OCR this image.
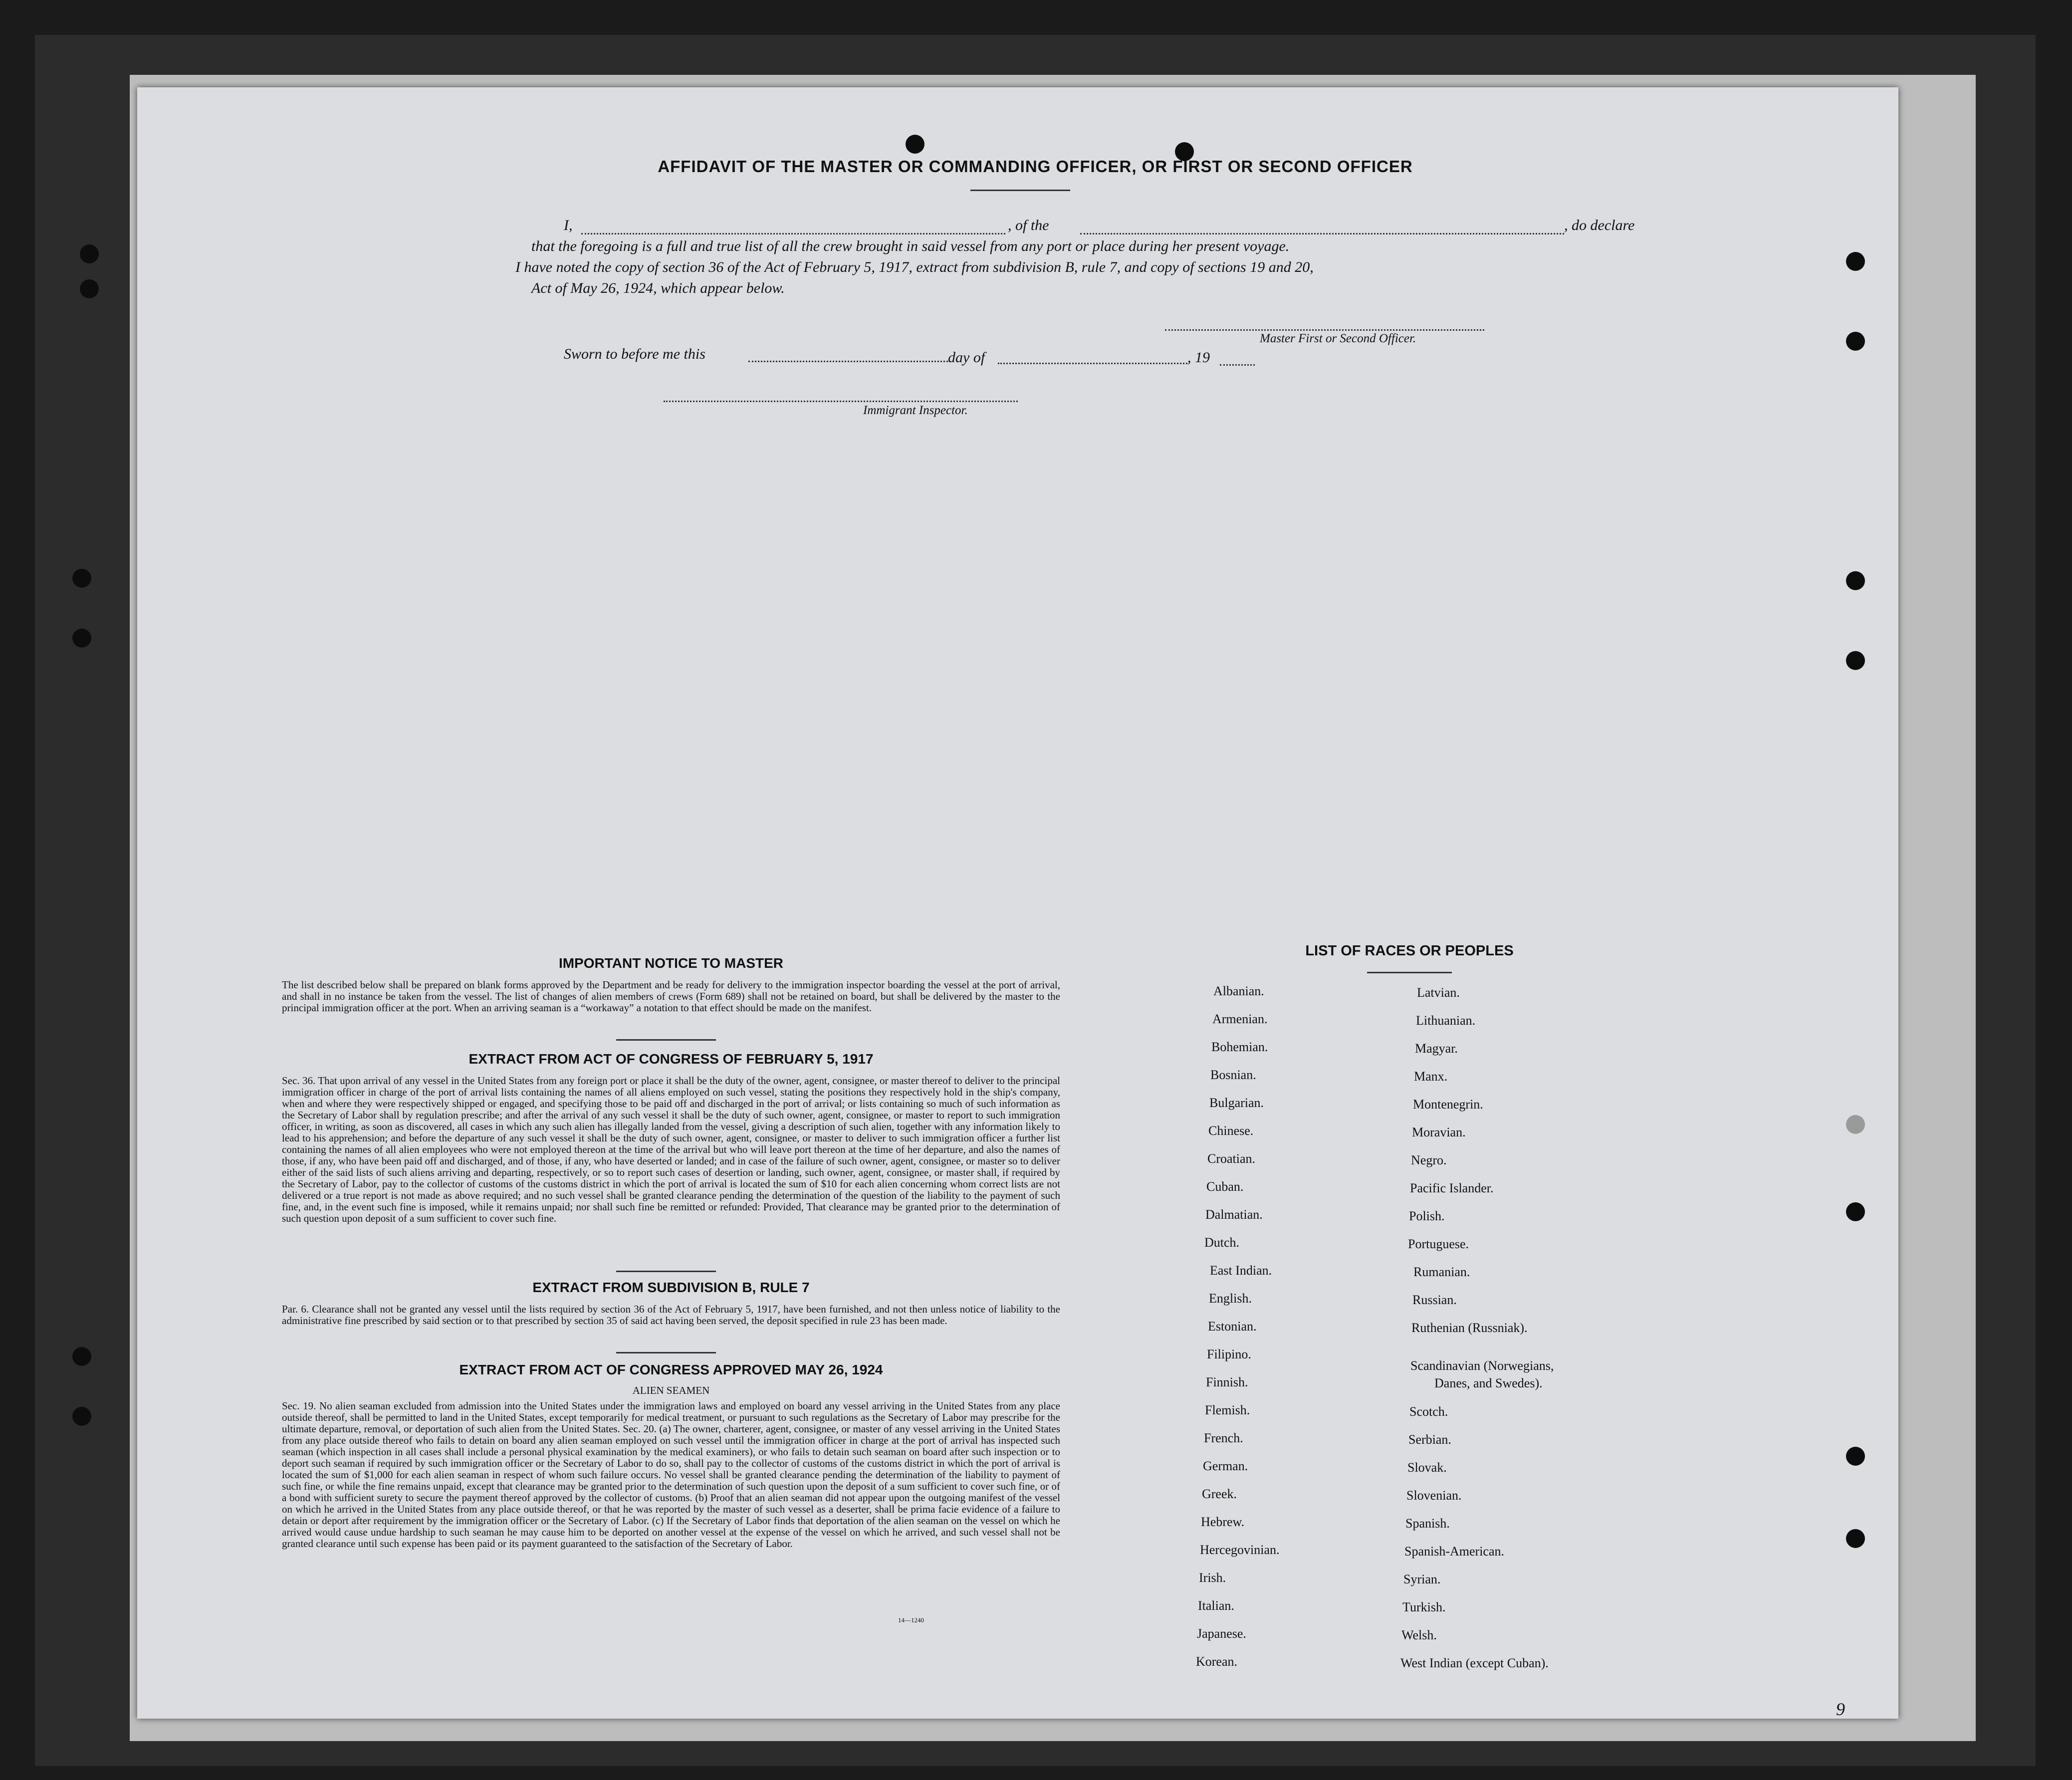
AFFIDAVIT OF THE MASTER OR COMMANDING OFFICER, OR FIRST OR SECOND OFFICER
I,	, of the	, do declare
that the foregoing is a full and true list of all the crew brought in said vessel from any port or place during her present voyage.
I have noted the copy of section 36 of the Act of February 5, 1917, extract from subdivision B, rule 7, and copy of sections 19 and 20,
Act of May 26, 1924, which appear below.
Master First or Second Officer.
Sworn to before me this	day of	, 19
Immigrant Inspector.
IMPORTANT NOTICE TO MASTER
The list described below shall be prepared on blank forms approved by the Department and be ready for delivery to the immigration inspector boarding the vessel at the port of arrival, and shall in no instance be taken from the vessel. The list of changes of alien members of crews (Form 689) shall not be retained on board, but shall be delivered by the master to the principal immigration officer at the port. When an arriving seaman is a “workaway” a notation to that effect should be made on the manifest.
EXTRACT FROM ACT OF CONGRESS OF FEBRUARY 5, 1917
Sec. 36. That upon arrival of any vessel in the United States from any foreign port or place it shall be the duty of the owner, agent, consignee, or master thereof to deliver to the principal immigration officer in charge of the port of arrival lists containing the names of all aliens employed on such vessel, stating the positions they respectively hold in the ship's company, when and where they were respectively shipped or engaged, and specifying those to be paid off and discharged in the port of arrival; or lists containing so much of such information as the Secretary of Labor shall by regulation prescribe; and after the arrival of any such vessel it shall be the duty of such owner, agent, consignee, or master to report to such immigration officer, in writing, as soon as discovered, all cases in which any such alien has illegally landed from the vessel, giving a description of such alien, together with any information likely to lead to his apprehension; and before the departure of any such vessel it shall be the duty of such owner, agent, consignee, or master to deliver to such immigration officer a further list containing the names of all alien employees who were not employed thereon at the time of the arrival but who will leave port thereon at the time of her departure, and also the names of those, if any, who have been paid off and discharged, and of those, if any, who have deserted or landed; and in case of the failure of such owner, agent, consignee, or master so to deliver either of the said lists of such aliens arriving and departing, respectively, or so to report such cases of desertion or landing, such owner, agent, consignee, or master shall, if required by the Secretary of Labor, pay to the collector of customs of the customs district in which the port of arrival is located the sum of $10 for each alien concerning whom correct lists are not delivered or a true report is not made as above required; and no such vessel shall be granted clearance pending the determination of the question of the liability to the payment of such fine, and, in the event such fine is imposed, while it remains unpaid; nor shall such fine be remitted or refunded: Provided, That clearance may be granted prior to the determination of such question upon deposit of a sum sufficient to cover such fine.
EXTRACT FROM SUBDIVISION B, RULE 7
Par. 6. Clearance shall not be granted any vessel until the lists required by section 36 of the Act of February 5, 1917, have been furnished, and not then unless notice of liability to the administrative fine prescribed by said section or to that prescribed by section 35 of said act having been served, the deposit specified in rule 23 has been made.
EXTRACT FROM ACT OF CONGRESS APPROVED MAY 26, 1924
ALIEN SEAMEN
Sec. 19. No alien seaman excluded from admission into the United States under the immigration laws and employed on board any vessel arriving in the United States from any place outside thereof, shall be permitted to land in the United States, except temporarily for medical treatment, or pursuant to such regulations as the Secretary of Labor may prescribe for the ultimate departure, removal, or deportation of such alien from the United States. Sec. 20. (a) The owner, charterer, agent, consignee, or master of any vessel arriving in the United States from any place outside thereof who fails to detain on board any alien seaman employed on such vessel until the immigration officer in charge at the port of arrival has inspected such seaman (which inspection in all cases shall include a personal physical examination by the medical examiners), or who fails to detain such seaman on board after such inspection or to deport such seaman if required by such immigration officer or the Secretary of Labor to do so, shall pay to the collector of customs of the customs district in which the port of arrival is located the sum of $1,000 for each alien seaman in respect of whom such failure occurs. No vessel shall be granted clearance pending the determination of the liability to payment of such fine, or while the fine remains unpaid, except that clearance may be granted prior to the determination of such question upon the deposit of a sum sufficient to cover such fine, or of a bond with sufficient surety to secure the payment thereof approved by the collector of customs. (b) Proof that an alien seaman did not appear upon the outgoing manifest of the vessel on which he arrived in the United States from any place outside thereof, or that he was reported by the master of such vessel as a deserter, shall be prima facie evidence of a failure to detain or deport after requirement by the immigration officer or the Secretary of Labor. (c) If the Secretary of Labor finds that deportation of the alien seaman on the vessel on which he arrived would cause undue hardship to such seaman he may cause him to be deported on another vessel at the expense of the vessel on which he arrived, and such vessel shall not be granted clearance until such expense has been paid or its payment guaranteed to the satisfaction of the Secretary of Labor.
14—1240
LIST OF RACES OR PEOPLES
Albanian.
Armenian.
Bohemian.
Bosnian.
Bulgarian.
Chinese.
Croatian.
Cuban.
Dalmatian.
Dutch.
East Indian.
English.
Estonian.
Filipino.
Finnish.
Flemish.
French.
German.
Greek.
Hebrew.
Hercegovinian.
Irish.
Italian.
Japanese.
Korean.
Latvian.
Lithuanian.
Magyar.
Manx.
Montenegrin.
Moravian.
Negro.
Pacific Islander.
Polish.
Portuguese.
Rumanian.
Russian.
Ruthenian (Russniak).
Scandinavian (Norwegians,
Danes, and Swedes).
Scotch.
Serbian.
Slovak.
Slovenian.
Spanish.
Spanish-American.
Syrian.
Turkish.
Welsh.
West Indian (except Cuban).
9
